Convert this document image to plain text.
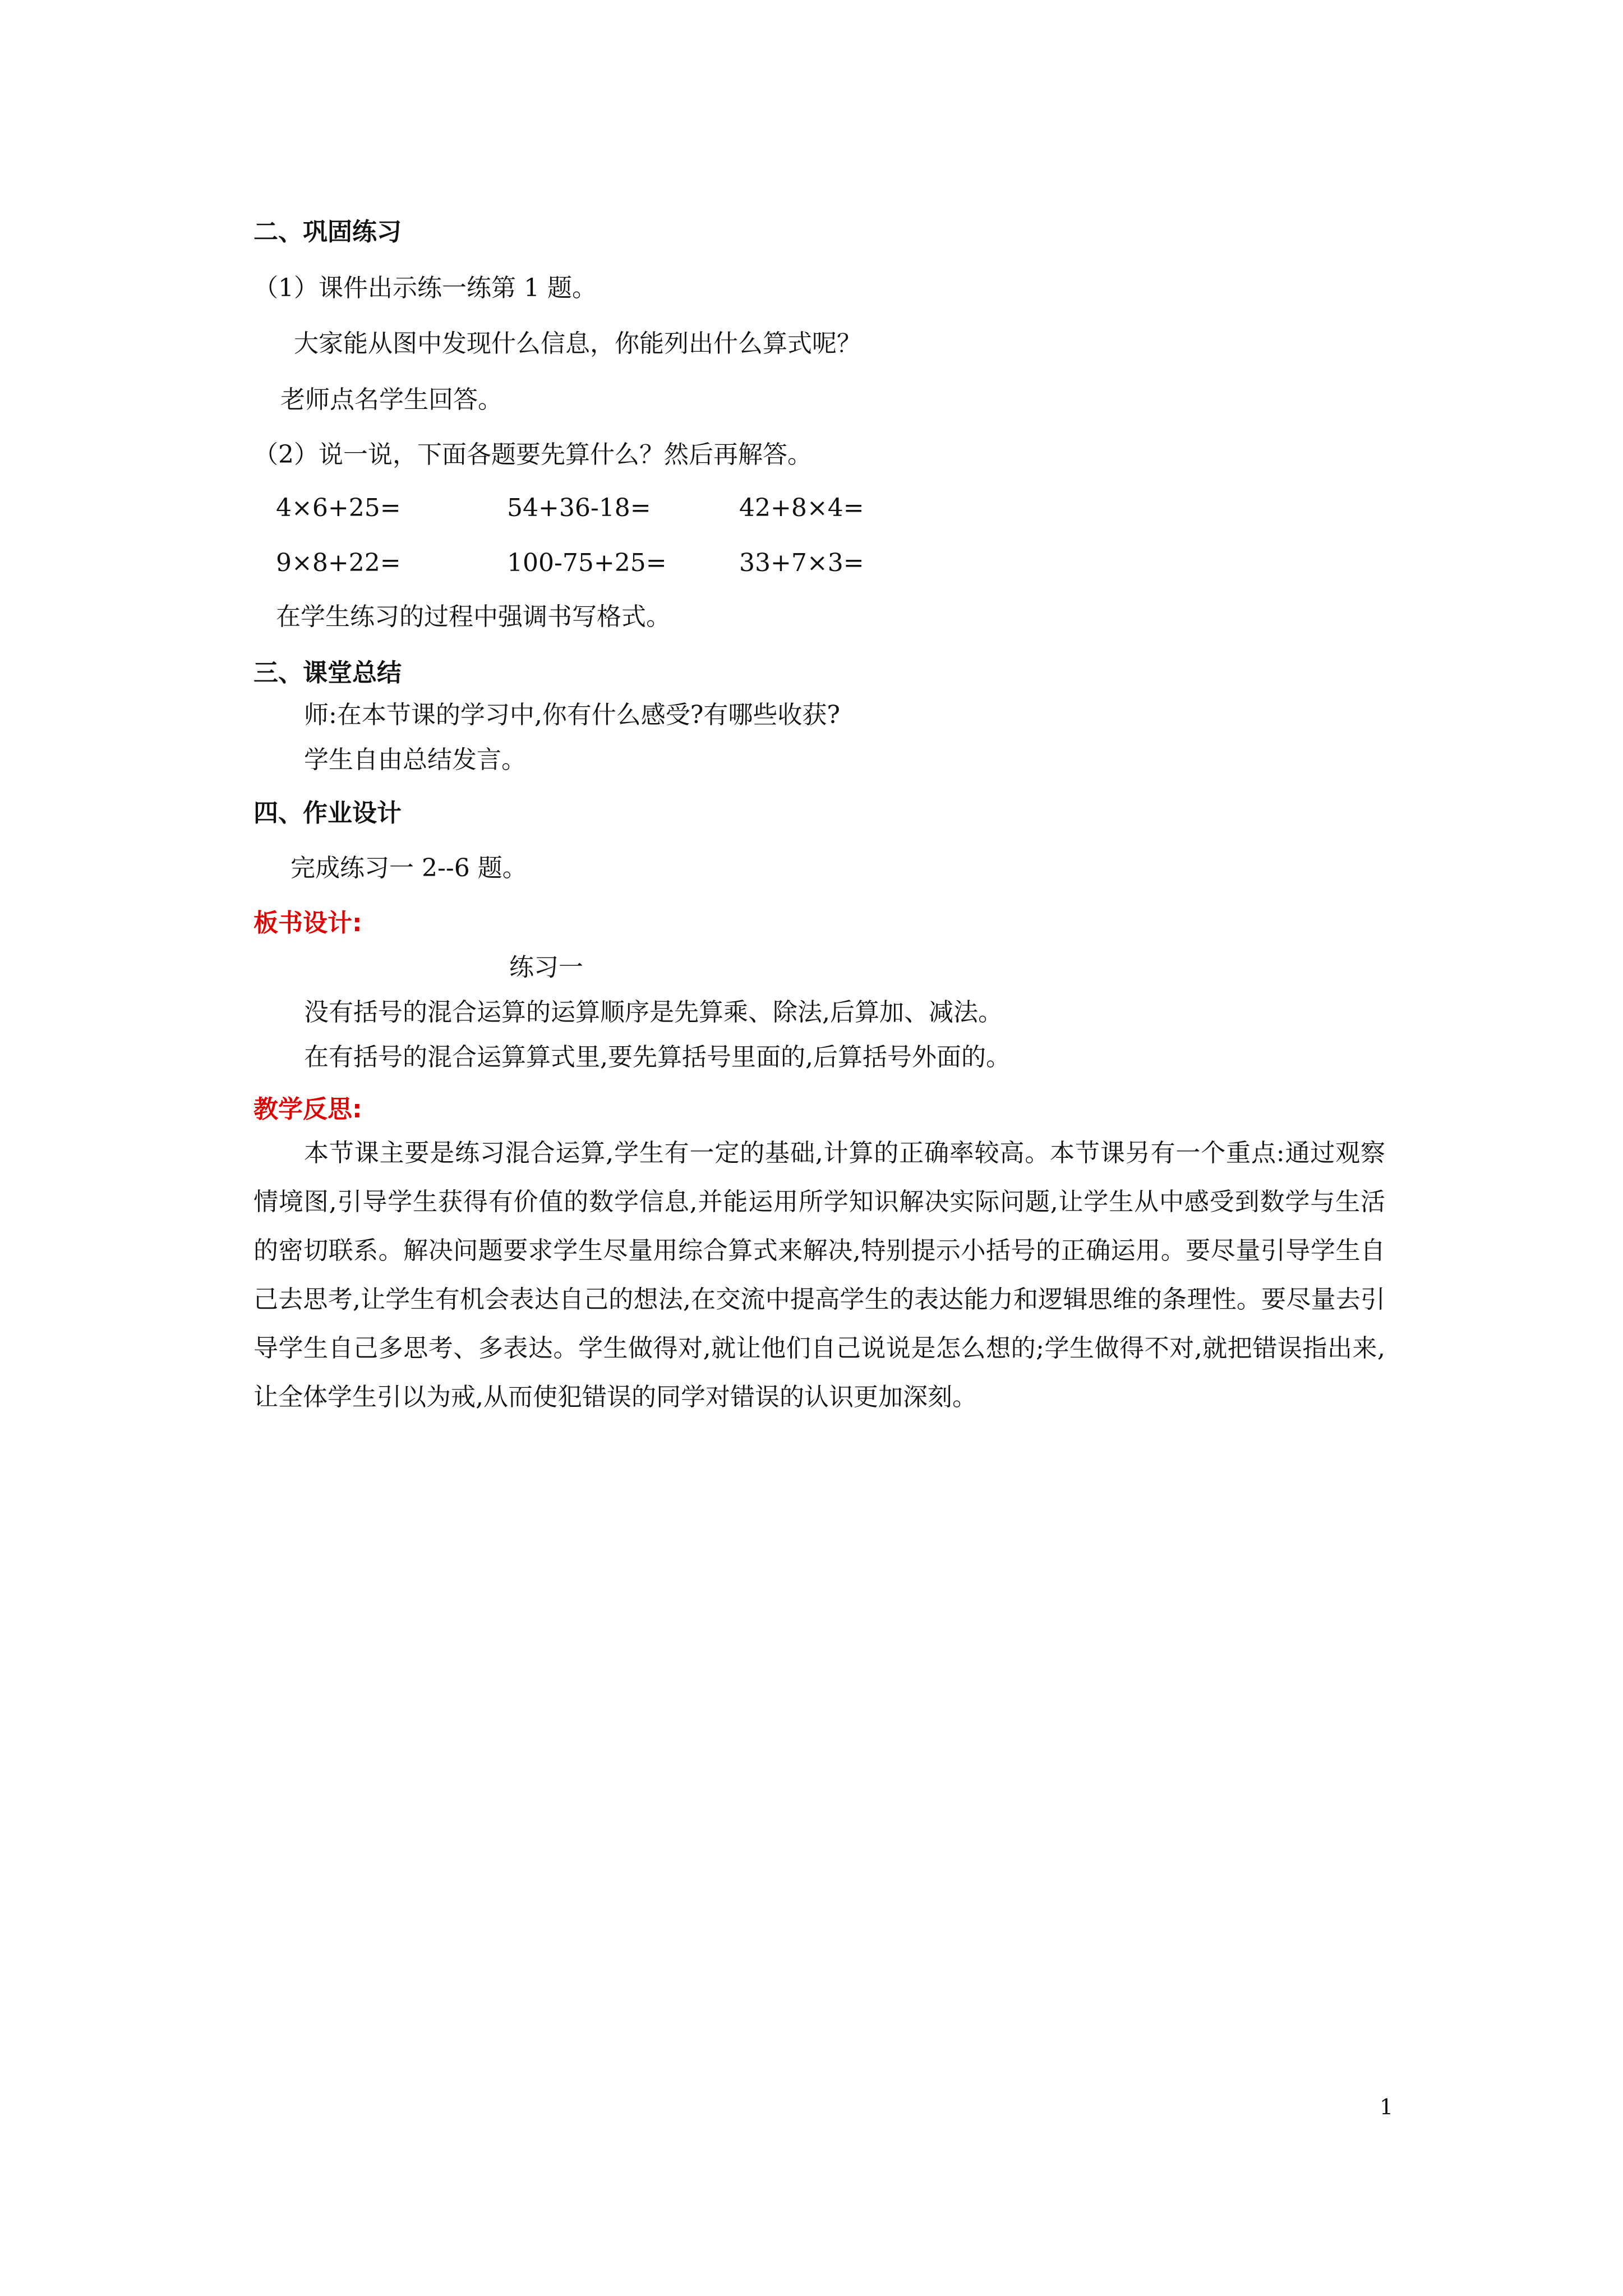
二、巩固练习
（1）课件出示练一练第 1 题。
大家能从图中发现什么信息，你能列出什么算式呢？
老师点名学生回答。
（2）说一说，下面各题要先算什么？然后再解答。
4×6+25=	54+36-18=	42+8×4=
9×8+22=	100-75+25=	33+7×3=
在学生练习的过程中强调书写格式。
三、课堂总结
师:在本节课的学习中,你有什么感受?有哪些收获?
学生自由总结发言。
四、作业设计
完成练习一 2--6 题。
板书设计:
练习一
没有括号的混合运算的运算顺序是先算乘、除法,后算加、减法。
在有括号的混合运算算式里,要先算括号里面的,后算括号外面的。
教学反思:
本节课主要是练习混合运算,学生有一定的基础,计算的正确率较高。本节课另有一个重点:通过观察情境图,引导学生获得有价值的数学信息,并能运用所学知识解决实际问题,让学生从中感受到数学与生活的密切联系。解决问题要求学生尽量用综合算式来解决,特别提示小括号的正确运用。要尽量引导学生自己去思考,让学生有机会表达自己的想法,在交流中提高学生的表达能力和逻辑思维的条理性。要尽量去引导学生自己多思考、多表达。学生做得对,就让他们自己说说是怎么想的;学生做得不对,就把错误指出来,让全体学生引以为戒,从而使犯错误的同学对错误的认识更加深刻。
1
